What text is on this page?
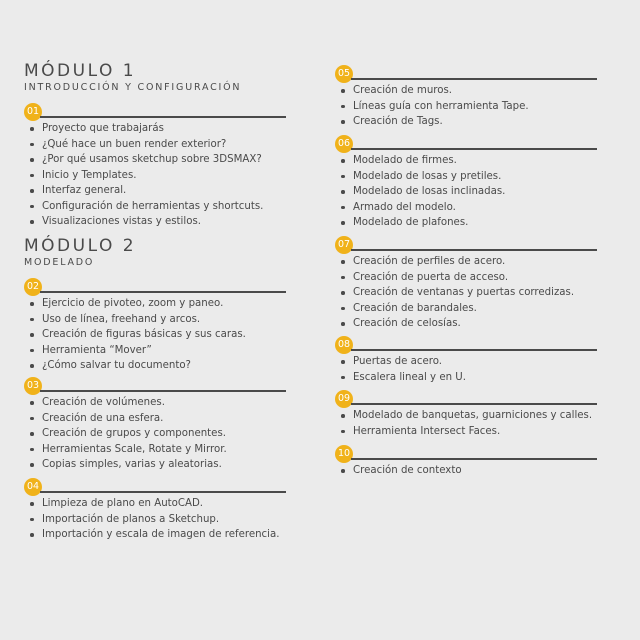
MÓDULO 1
INTRODUCCIÓN Y CONFIGURACIÓN
01
Proyecto que trabajarás
¿Qué hace un buen render exterior?
¿Por qué usamos sketchup sobre 3DSMAX?
Inicio y Templates.
Interfaz general.
Configuración de herramientas y shortcuts.
Visualizaciones vistas y estilos.
MÓDULO 2
MODELADO
02
Ejercicio de pivoteo, zoom y paneo.
Uso de línea, freehand y arcos.
Creación de figuras básicas y sus caras.
Herramienta “Mover”
¿Cómo salvar tu documento?
03
Creación de volúmenes.
Creación de una esfera.
Creación de grupos y componentes.
Herramientas Scale, Rotate y Mirror.
Copias simples, varias y aleatorias.
04
Limpieza de plano en AutoCAD.
Importación de planos a Sketchup.
Importación y escala de imagen de referencia.
05
Creación de muros.
Líneas guía con herramienta Tape.
Creación de Tags.
06
Modelado de firmes.
Modelado de losas y pretiles.
Modelado de losas inclinadas.
Armado del modelo.
Modelado de plafones.
07
Creación de perfiles de acero.
Creación de puerta de acceso.
Creación de ventanas y puertas corredizas.
Creación de barandales.
Creación de celosías.
08
Puertas de acero.
Escalera lineal y en U.
09
Modelado de banquetas, guarniciones y calles.
Herramienta Intersect Faces.
10
Creación de contexto
